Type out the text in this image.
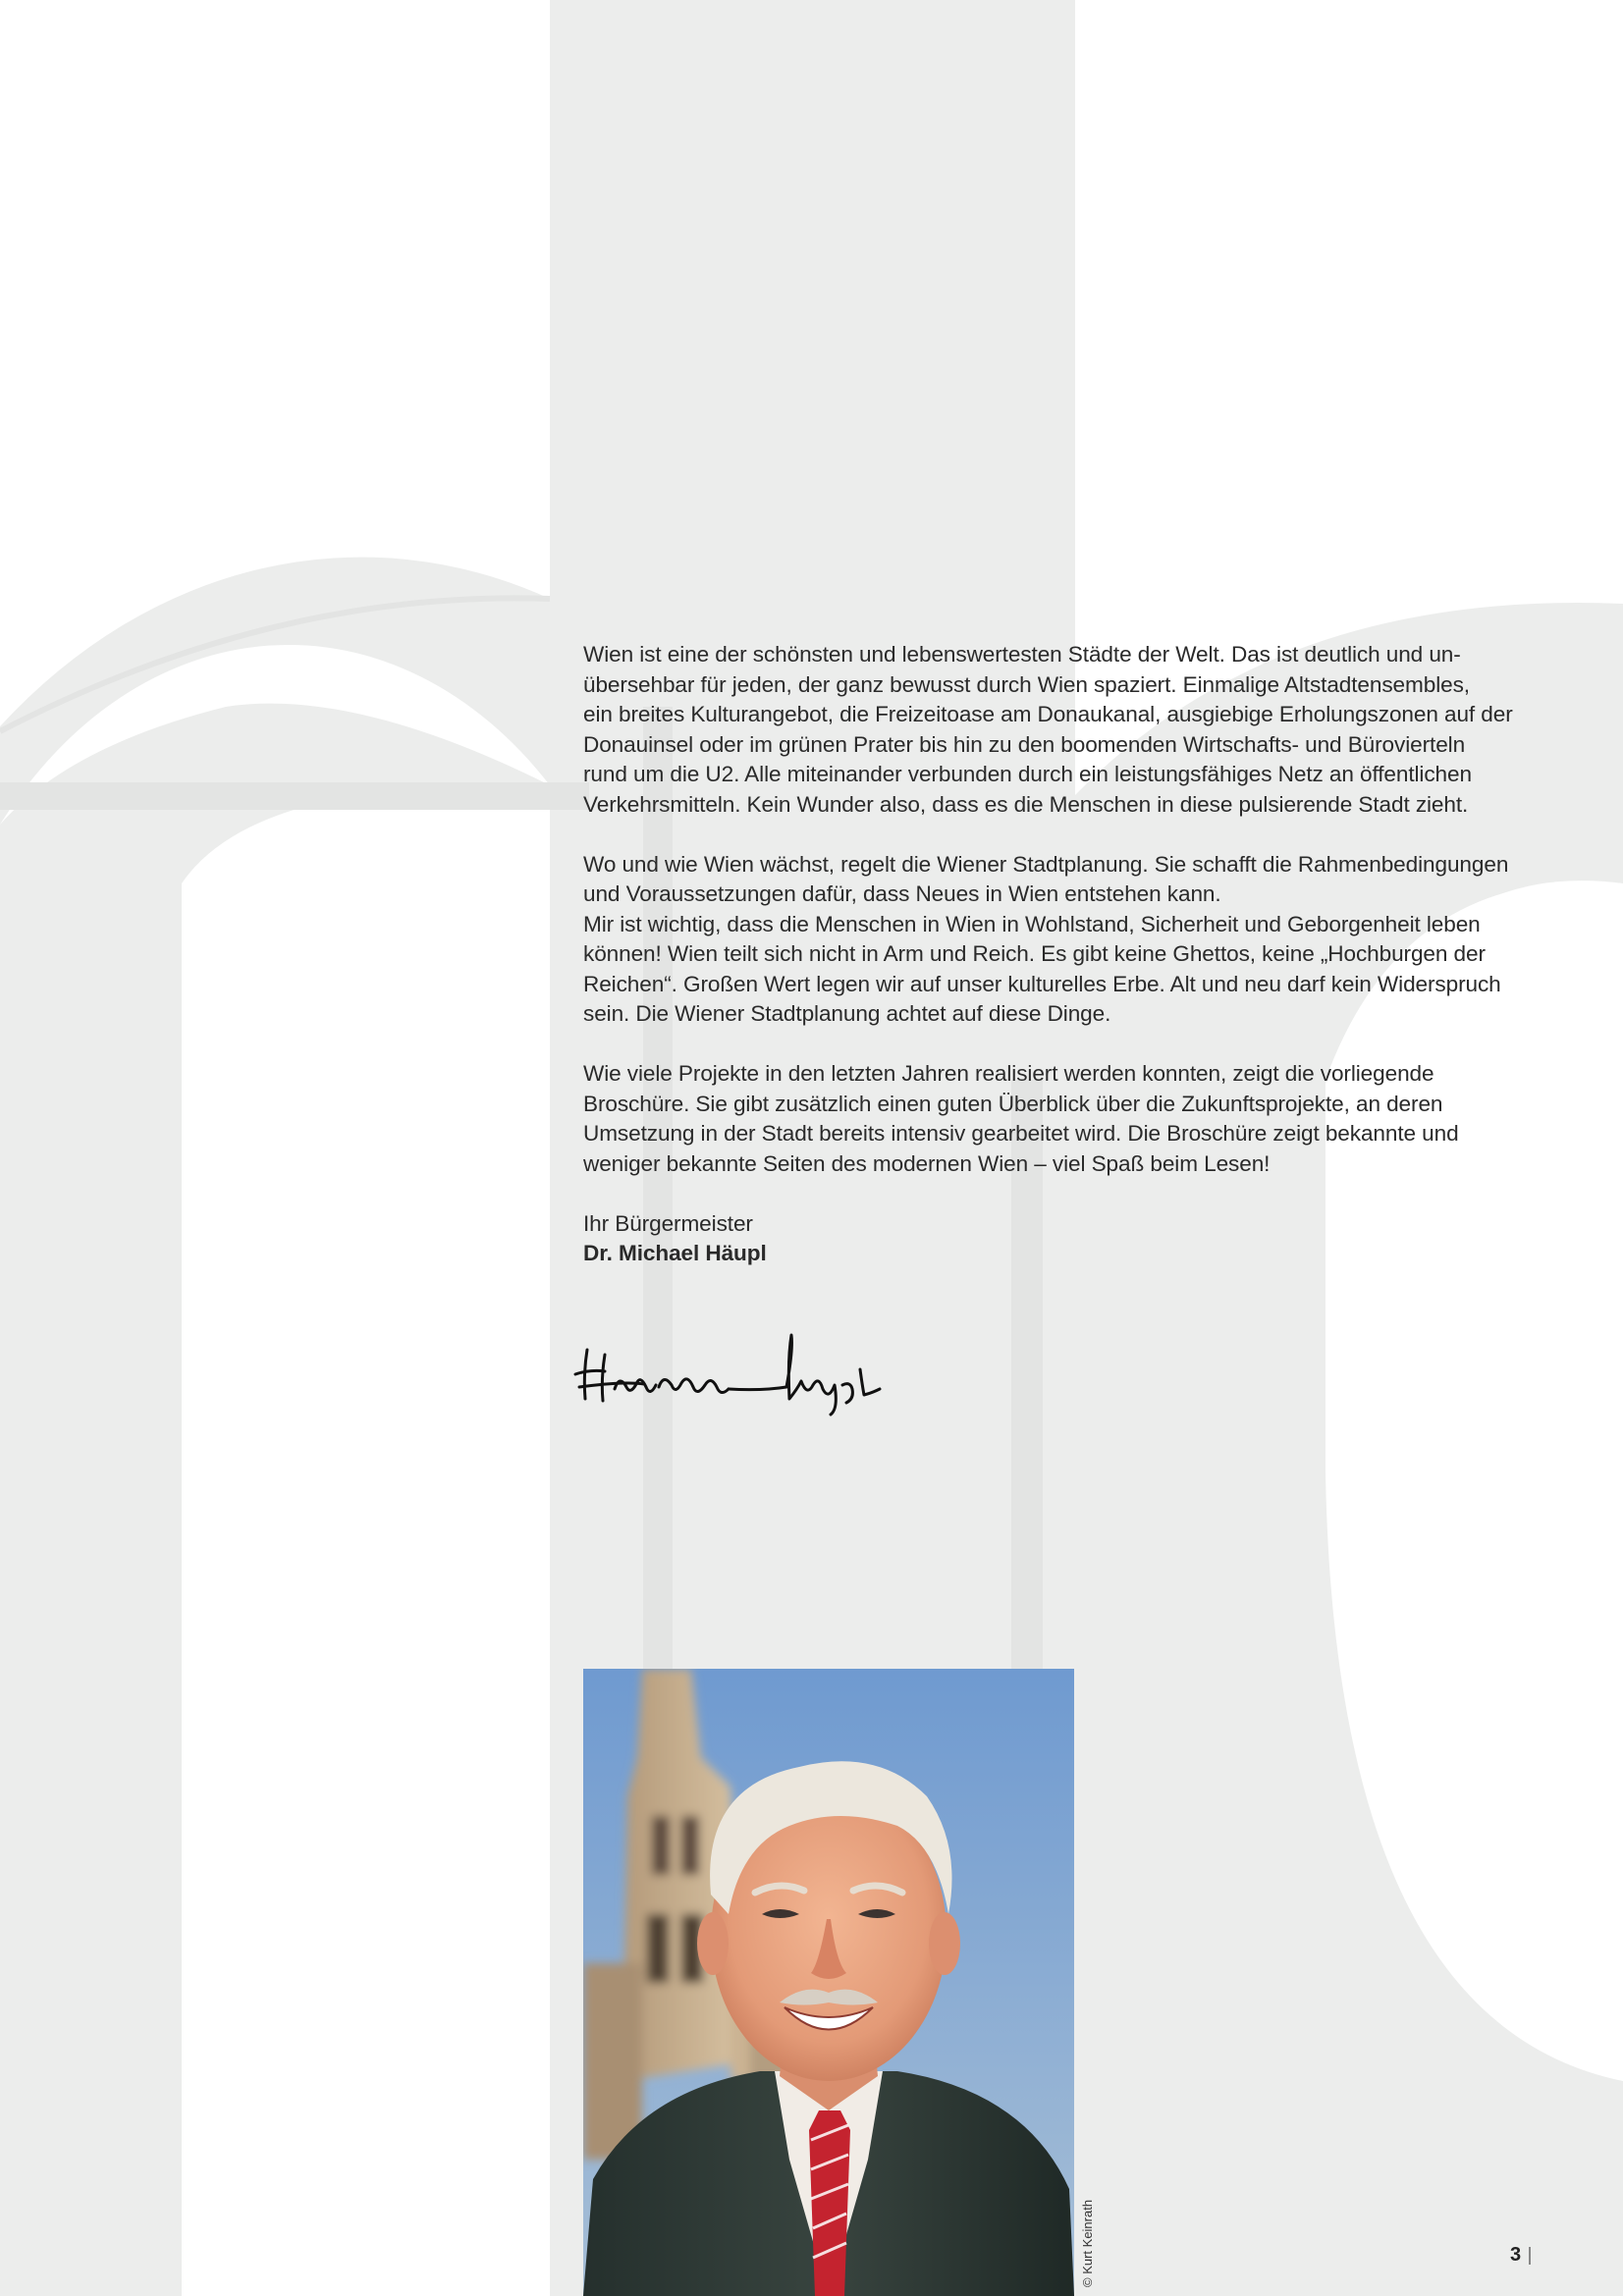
Wien ist eine der schönsten und lebenswertesten Städte der Welt. Das ist deutlich und un-
übersehbar für jeden, der ganz bewusst durch Wien spaziert. Einmalige Altstadtensembles,
ein breites Kulturangebot, die Freizeitoase am Donaukanal, ausgiebige Erholungszonen auf der
Donauinsel oder im grünen Prater bis hin zu den boomenden Wirtschafts- und Bürovierteln
rund um die U2. Alle miteinander verbunden durch ein leistungsfähiges Netz an öffentlichen
Verkehrsmitteln. Kein Wunder also, dass es die Menschen in diese pulsierende Stadt zieht.

Wo und wie Wien wächst, regelt die Wiener Stadtplanung. Sie schafft die Rahmenbedingungen
und Voraussetzungen dafür, dass Neues in Wien entstehen kann.

Mir ist wichtig, dass die Menschen in Wien in Wohlstand, Sicherheit und Geborgenheit leben
können! Wien teilt sich nicht in Arm und Reich. Es gibt keine Ghettos, keine „Hochburgen der
Reichen“. Großen Wert legen wir auf unser kulturelles Erbe. Alt und neu darf kein Widerspruch
sein. Die Wiener Stadtplanung achtet auf diese Dinge.

Wie viele Projekte in den letzten Jahren realisiert werden konnten, zeigt die vorliegende
Broschüre. Sie gibt zusätzlich einen guten Überblick über die Zukunftsprojekte, an deren
Umsetzung in der Stadt bereits intensiv gearbeitet wird. Die Broschüre zeigt bekannte und
weniger bekannte Seiten des modernen Wien – viel Spaß beim Lesen!

Ihr Bürgermeister
Dr. Michael Häupl
© Kurt Keinrath	3
